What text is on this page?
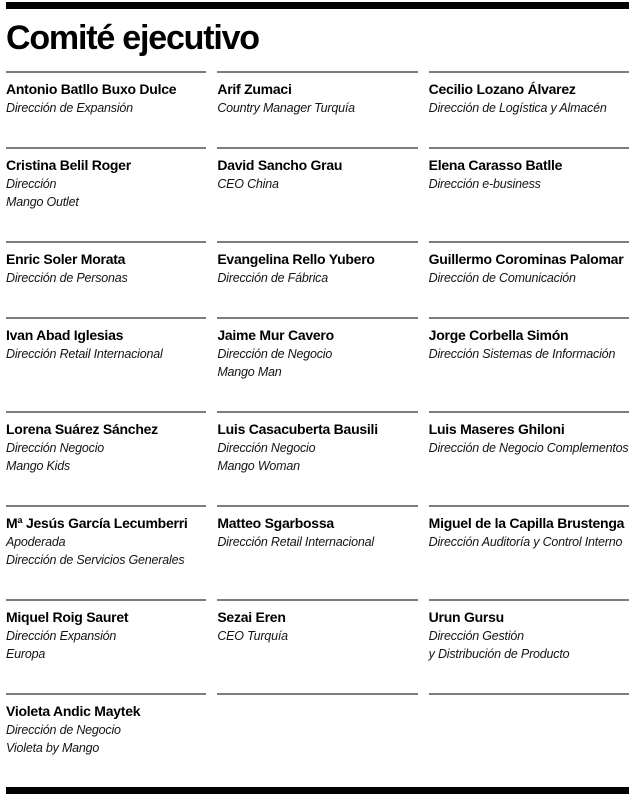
Comité ejecutivo
Antonio Batllo Buxo Dulce
Dirección de Expansión
Arif Zumaci
Country Manager Turquía
Cecilio Lozano Álvarez
Dirección de Logística y Almacén
Cristina Belil Roger
Dirección
Mango Outlet
David Sancho Grau
CEO China
Elena Carasso Batlle
Dirección e-business
Enric Soler Morata
Dirección de Personas
Evangelina Rello Yubero
Dirección de Fábrica
Guillermo Corominas Palomar
Dirección de Comunicación
Ivan Abad Iglesias
Dirección Retail Internacional
Jaime Mur Cavero
Dirección de Negocio
Mango Man
Jorge Corbella Simón
Dirección Sistemas de Información
Lorena Suárez Sánchez
Dirección Negocio
Mango Kids
Luis Casacuberta Bausili
Dirección Negocio
Mango Woman
Luis Maseres Ghiloni
Dirección de Negocio Complementos
Mª Jesús García Lecumberri
Apoderada
Dirección de Servicios Generales
Matteo Sgarbossa
Dirección Retail Internacional
Miguel de la Capilla Brustenga
Dirección Auditoría y Control Interno
Miquel Roig Sauret
Dirección Expansión
Europa
Sezai Eren
CEO Turquía
Urun Gursu
Dirección Gestión
y Distribución de Producto
Violeta Andic Maytek
Dirección de Negocio
Violeta by Mango
